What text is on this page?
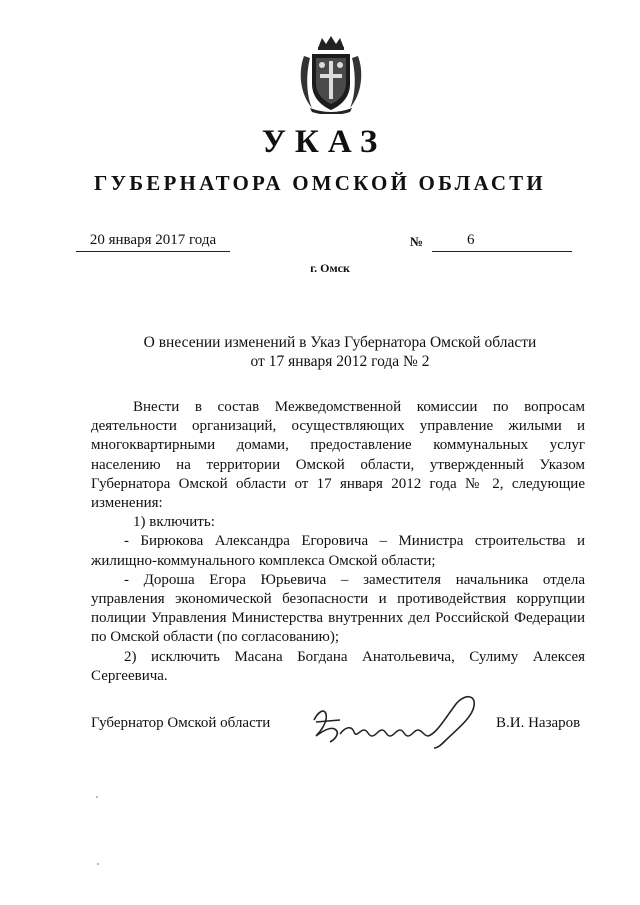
УКАЗ
ГУБЕРНАТОРА ОМСКОЙ ОБЛАСТИ
20 января 2017 года	№	6
г. Омск
О внесении изменений в Указ Губернатора Омской области
от 17 января 2012 года № 2

Внести в состав Межведомственной комиссии по вопросам деятельности организаций, осуществляющих управление жилыми и многоквартирными домами, предоставление коммунальных услуг населению на территории Омской области, утвержденный Указом Губернатора Омской области от 17 января 2012 года № 2, следующие изменения:

1) включить:

- Бирюкова Александра Егоровича – Министра строительства и жилищно-коммунального комплекса Омской области;

- Дороша Егора Юрьевича – заместителя начальника отдела управления экономической безопасности и противодействия коррупции полиции Управления Министерства внутренних дел Российской Федерации по Омской области (по согласованию);

2) исключить Масана Богдана Анатольевича, Сулиму Алексея Сергеевича.

Губернатор Омской области	В.И. Назаров
